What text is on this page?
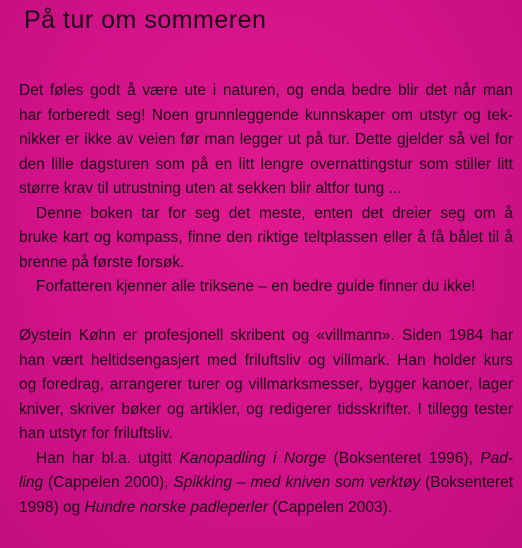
På tur om sommeren
Det føles godt å være ute i naturen, og enda bedre blir det når man
har forberedt seg! Noen grunnleggende kunnskaper om utstyr og tek-
nikker er ikke av veien før man legger ut på tur. Dette gjelder så vel for
den lille dagsturen som på en litt lengre overnattingstur som stiller litt
større krav til utrustning uten at sekken blir altfor tung ...
Denne boken tar for seg det meste, enten det dreier seg om å
bruke kart og kompass, finne den riktige teltplassen eller å få bålet til å
brenne på første forsøk.
Forfatteren kjenner alle triksene – en bedre guide finner du ikke!
Øystein Køhn er profesjonell skribent og «villmann». Siden 1984 har
han vært heltidsengasjert med friluftsliv og villmark. Han holder kurs
og foredrag, arrangerer turer og villmarksmesser, bygger kanoer, lager
kniver, skriver bøker og artikler, og redigerer tidsskrifter. I tillegg tester
han utstyr for friluftsliv.
Han har bl.a. utgitt Kanopadling i Norge (Boksenteret 1996), Pad-
ling (Cappelen 2000), Spikking – med kniven som verktøy (Boksenteret
1998) og Hundre norske padleperler (Cappelen 2003).
